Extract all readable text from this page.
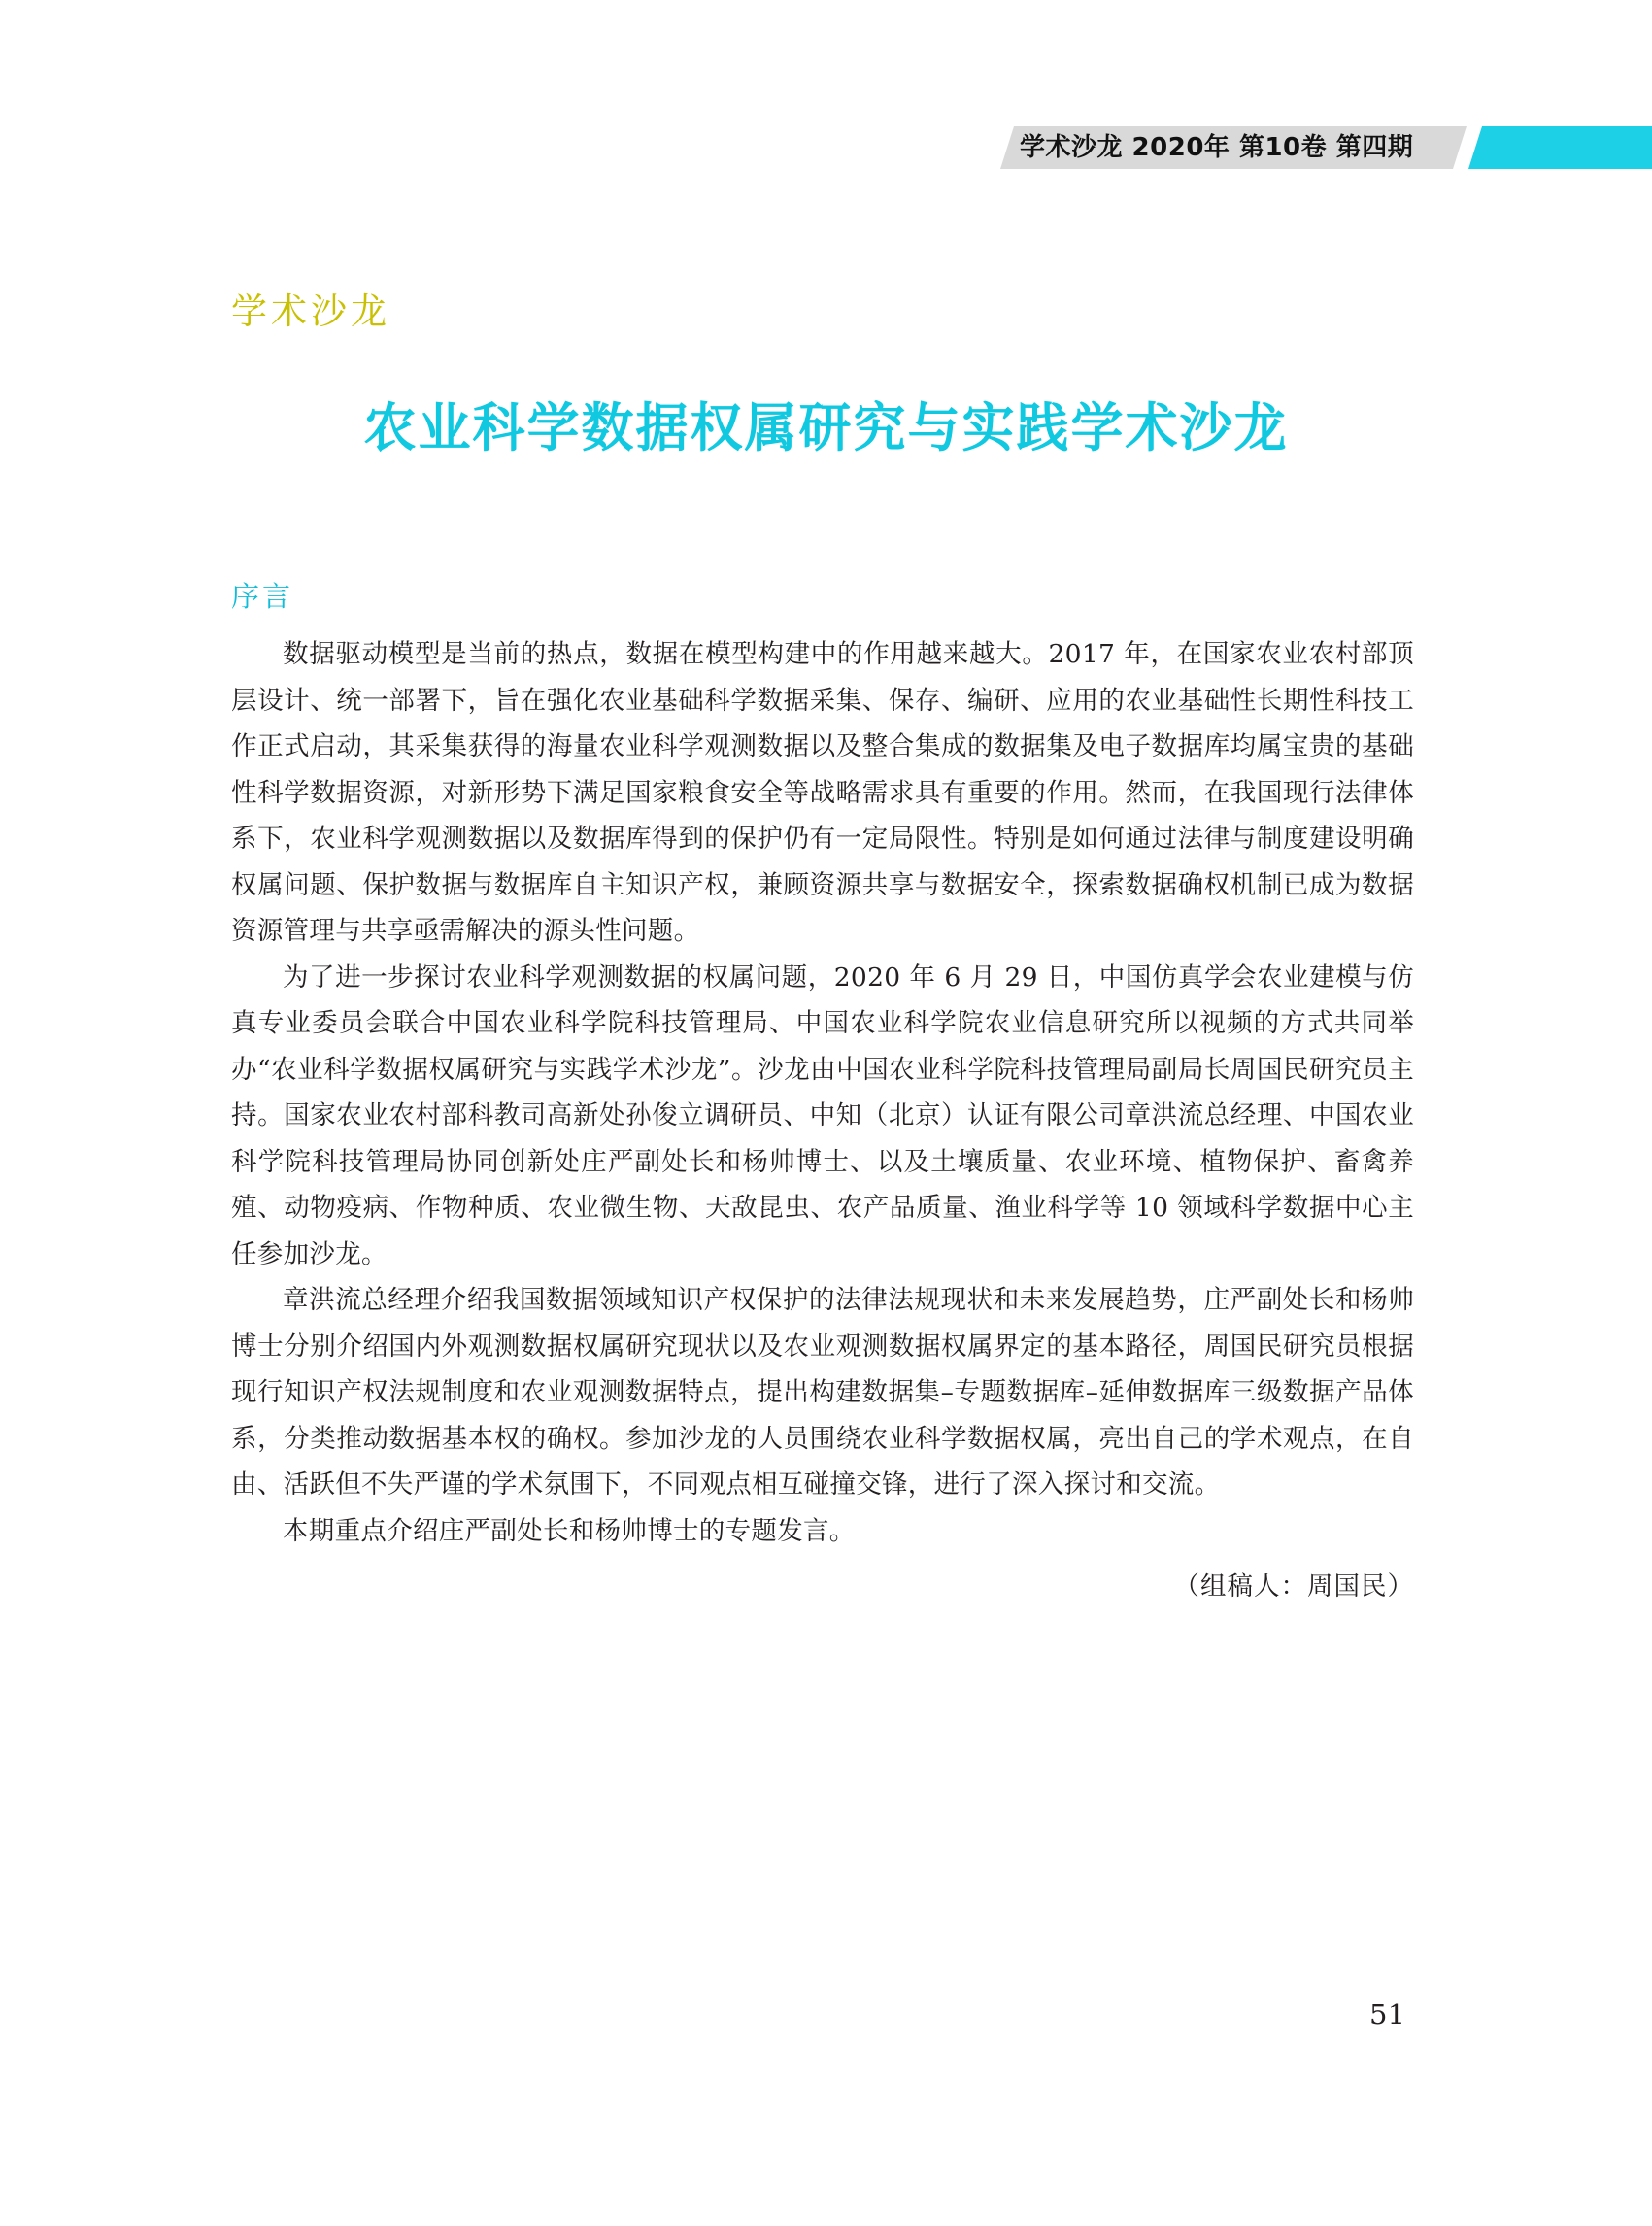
学术沙龙 2020年 第10卷 第四期
学术沙龙
农业科学数据权属研究与实践学术沙龙
序言

数据驱动模型是当前的热点，数据在模型构建中的作用越来越大。2017 年，在国家农业农村部顶层设计、统一部署下，旨在强化农业基础科学数据采集、保存、编研、应用的农业基础性长期性科技工作正式启动，其采集获得的海量农业科学观测数据以及整合集成的数据集及电子数据库均属宝贵的基础性科学数据资源，对新形势下满足国家粮食安全等战略需求具有重要的作用。然而，在我国现行法律体系下，农业科学观测数据以及数据库得到的保护仍有一定局限性。特别是如何通过法律与制度建设明确权属问题、保护数据与数据库自主知识产权，兼顾资源共享与数据安全，探索数据确权机制已成为数据资源管理与共享亟需解决的源头性问题。

为了进一步探讨农业科学观测数据的权属问题，2020 年 6 月 29 日，中国仿真学会农业建模与仿真专业委员会联合中国农业科学院科技管理局、中国农业科学院农业信息研究所以视频的方式共同举办“农业科学数据权属研究与实践学术沙龙”。沙龙由中国农业科学院科技管理局副局长周国民研究员主持。国家农业农村部科教司高新处孙俊立调研员、中知（北京）认证有限公司章洪流总经理、中国农业科学院科技管理局协同创新处庄严副处长和杨帅博士、以及土壤质量、农业环境、植物保护、畜禽养殖、动物疫病、作物种质、农业微生物、天敌昆虫、农产品质量、渔业科学等 10 领域科学数据中心主任参加沙龙。

章洪流总经理介绍我国数据领域知识产权保护的法律法规现状和未来发展趋势，庄严副处长和杨帅博士分别介绍国内外观测数据权属研究现状以及农业观测数据权属界定的基本路径，周国民研究员根据现行知识产权法规制度和农业观测数据特点，提出构建数据集–专题数据库–延伸数据库三级数据产品体系，分类推动数据基本权的确权。参加沙龙的人员围绕农业科学数据权属，亮出自己的学术观点，在自由、活跃但不失严谨的学术氛围下，不同观点相互碰撞交锋，进行了深入探讨和交流。

本期重点介绍庄严副处长和杨帅博士的专题发言。

（组稿人：周国民）
51
